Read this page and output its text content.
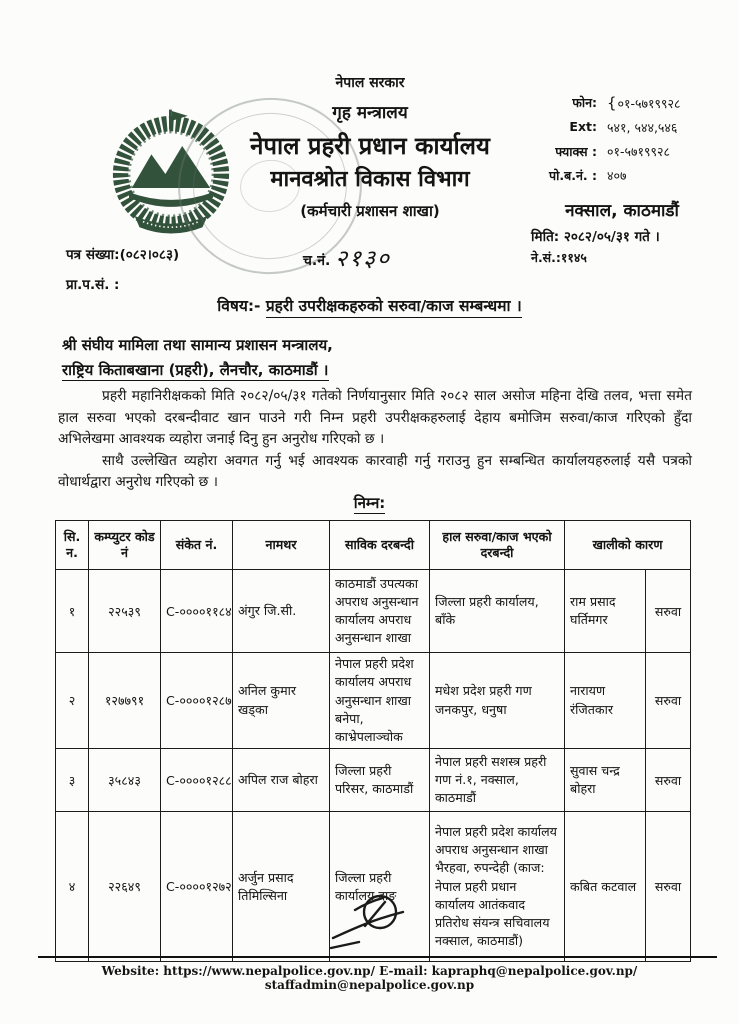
नेपाल सरकार
गृह मन्त्रालय
नेपाल प्रहरी प्रधान कार्यालय
मानवश्रोत विकास विभाग
(कर्मचारी प्रशासन शाखा)
फोन: {०१-५७१९९२८
Ext: ५४१, ५४४,५४६
फ्याक्स : ०१-५७१९९२८
पो.ब.नं. : ४०७
नक्साल, काठमाडौं
मिति: २०८२/०५/३१ गते ।
ने.सं.:११४५
पत्र संख्या:(०८२।०८३)	च.नं. २१३०
प्रा.प.सं. :
विषय:- प्रहरी उपरीक्षकहरुको सरुवा/काज सम्बन्धमा ।
श्री संघीय मामिला तथा सामान्य प्रशासन मन्त्रालय,
राष्ट्रिय किताबखाना (प्रहरी), लैनचौर, काठमाडौं ।

प्रहरी महानिरीक्षकको मिति २०८२/०५/३१ गतेको निर्णयानुसार मिति २०८२ साल असोज महिना देखि तलव, भत्ता समेत हाल सरुवा भएको दरबन्दीवाट खान पाउने गरी निम्न प्रहरी उपरीक्षकहरुलाई देहाय बमोजिम सरुवा/काज गरिएको हुँदा अभिलेखमा आवश्यक व्यहोरा जनाई दिनु हुन अनुरोध गरिएको छ ।

साथै उल्लेखित व्यहोरा अवगत गर्नु भई आवश्यक कारवाही गर्नु गराउनु हुन सम्बन्धित कार्यालयहरुलाई यसै पत्रको वोधार्थद्वारा अनुरोध गरिएको छ ।

निम्न:
सि. न.	कम्प्युटर कोड नं	संकेत नं.	नामथर	साविक दरबन्दी	हाल सरुवा/काज भएको दरबन्दी	खालीको कारण	
१	२२५३९	C-००००११८४	अंगुर जि.सी.	काठमाडौं उपत्यका अपराध अनुसन्धान कार्यालय अपराध अनुसन्धान शाखा	जिल्ला प्रहरी कार्यालय, बाँके	राम प्रसाद घर्तिमगर	सरुवा
२	१२७७९१	C-००००१२८७	अनिल कुमार खड्का	नेपाल प्रहरी प्रदेश कार्यालय अपराध अनुसन्धान शाखा बनेपा, काभ्रेपलाञ्चोक	मधेश प्रदेश प्रहरी गण जनकपुर, धनुषा	नारायण रंजितकार	सरुवा
३	३५८४३	C-००००१२८८	अपिल राज बोहरा	जिल्ला प्रहरी परिसर, काठमाडौं	नेपाल प्रहरी सशस्त्र प्रहरी गण नं.१, नक्साल, काठमाडौं	सुवास चन्द्र बोहरा	सरुवा
४	२२६४९	C-००००१२७२	अर्जुन प्रसाद तिमिल्सिना	जिल्ला प्रहरी कार्यालय दाङ	नेपाल प्रहरी प्रदेश कार्यालय अपराध अनुसन्धान शाखा भैरहवा, रुपन्देही (काज: नेपाल प्रहरी प्रधान कार्यालय आतंकवाद प्रतिरोध संयन्त्र सचिवालय नक्साल, काठमाडौं)	कबित कटवाल	सरुवा
Website: https://www.nepalpolice.gov.np/ E-mail: kapraphq@nepalpolice.gov.np/ staffadmin@nepalpolice.gov.np
